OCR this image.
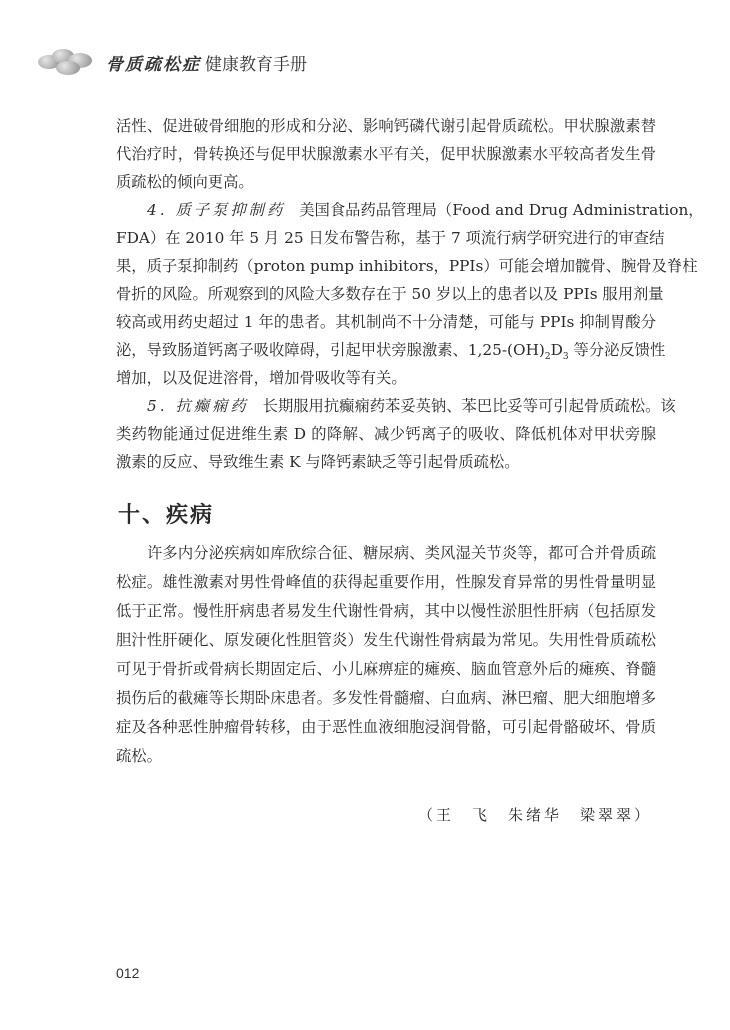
骨质疏松症 健康教育手册
活性、促进破骨细胞的形成和分泌、影响钙磷代谢引起骨质疏松。甲状腺激素替
代治疗时，骨转换还与促甲状腺激素水平有关，促甲状腺激素水平较高者发生骨
质疏松的倾向更高。
4. 质子泵抑制药 美国食品药品管理局（Food and Drug Administration，
FDA）在 2010 年 5 月 25 日发布警告称，基于 7 项流行病学研究进行的审查结
果，质子泵抑制药（proton pump inhibitors，PPIs）可能会增加髋骨、腕骨及脊柱
骨折的风险。所观察到的风险大多数存在于 50 岁以上的患者以及 PPIs 服用剂量
较高或用药史超过 1 年的患者。其机制尚不十分清楚，可能与 PPIs 抑制胃酸分
泌，导致肠道钙离子吸收障碍，引起甲状旁腺激素、$1,25-(OH)_2D_3$ 等分泌反馈性
增加，以及促进溶骨，增加骨吸收等有关。
5. 抗癫痫药 长期服用抗癫痫药苯妥英钠、苯巴比妥等可引起骨质疏松。该
类药物能通过促进维生素 D 的降解、减少钙离子的吸收、降低机体对甲状旁腺
激素的反应、导致维生素 K 与降钙素缺乏等引起骨质疏松。
十、疾病
许多内分泌疾病如库欣综合征、糖尿病、类风湿关节炎等，都可合并骨质疏
松症。雄性激素对男性骨峰值的获得起重要作用，性腺发育异常的男性骨量明显
低于正常。慢性肝病患者易发生代谢性骨病，其中以慢性淤胆性肝病（包括原发
胆汁性肝硬化、原发硬化性胆管炎）发生代谢性骨病最为常见。失用性骨质疏松
可见于骨折或骨病长期固定后、小儿麻痹症的瘫痪、脑血管意外后的瘫痪、脊髓
损伤后的截瘫等长期卧床患者。多发性骨髓瘤、白血病、淋巴瘤、肥大细胞增多
症及各种恶性肿瘤骨转移，由于恶性血液细胞浸润骨骼，可引起骨骼破坏、骨质
疏松。
（王　飞　朱绪华　梁翠翠）
012
